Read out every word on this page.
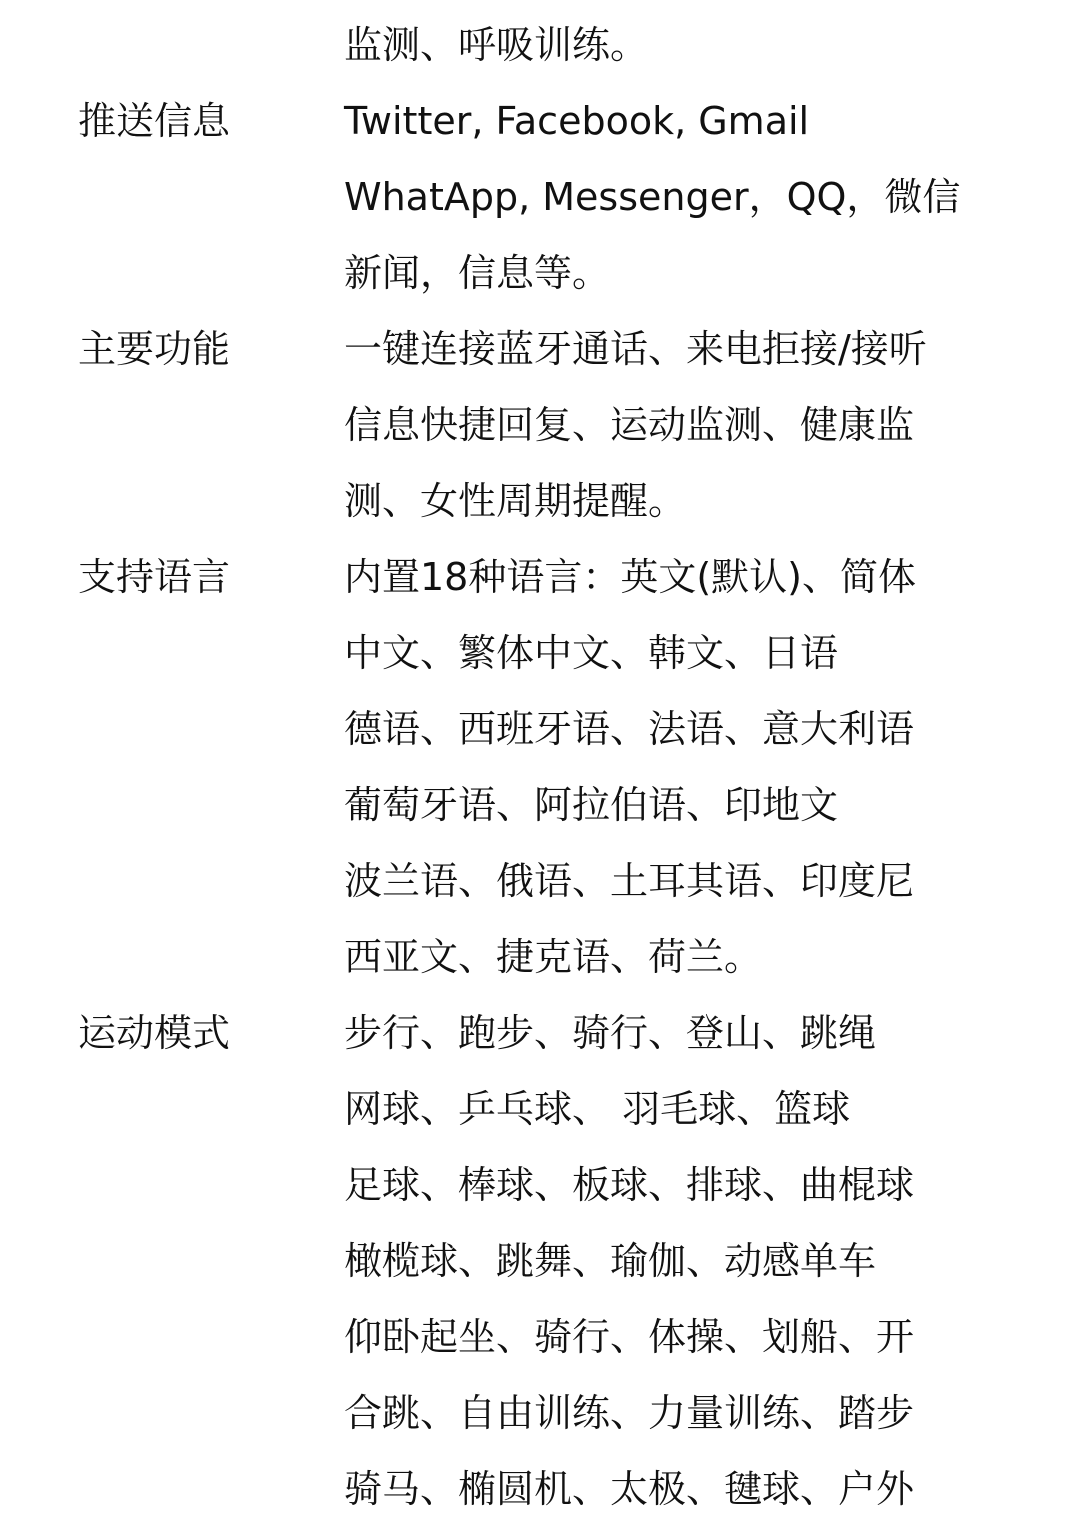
监测、呼吸训练。
推送信息	Twitter, Facebook, Gmail
WhatApp, Messenger，QQ，微信
新闻，信息等。
主要功能	一键连接蓝牙通话、来电拒接/接听
信息快捷回复、运动监测、健康监
测、女性周期提醒。
支持语言	内置18种语言：英文(默认)、简体
中文、繁体中文、韩文、日语
德语、西班牙语、法语、意大利语
葡萄牙语、阿拉伯语、印地文
波兰语、俄语、土耳其语、印度尼
西亚文、捷克语、荷兰。
运动模式	步行、跑步、骑行、登山、跳绳
网球、乒乓球、 羽毛球、篮球
足球、棒球、板球、排球、曲棍球
橄榄球、跳舞、瑜伽、动感单车
仰卧起坐、骑行、体操、划船、开
合跳、自由训练、力量训练、踏步
骑马、椭圆机、太极、毽球、户外
